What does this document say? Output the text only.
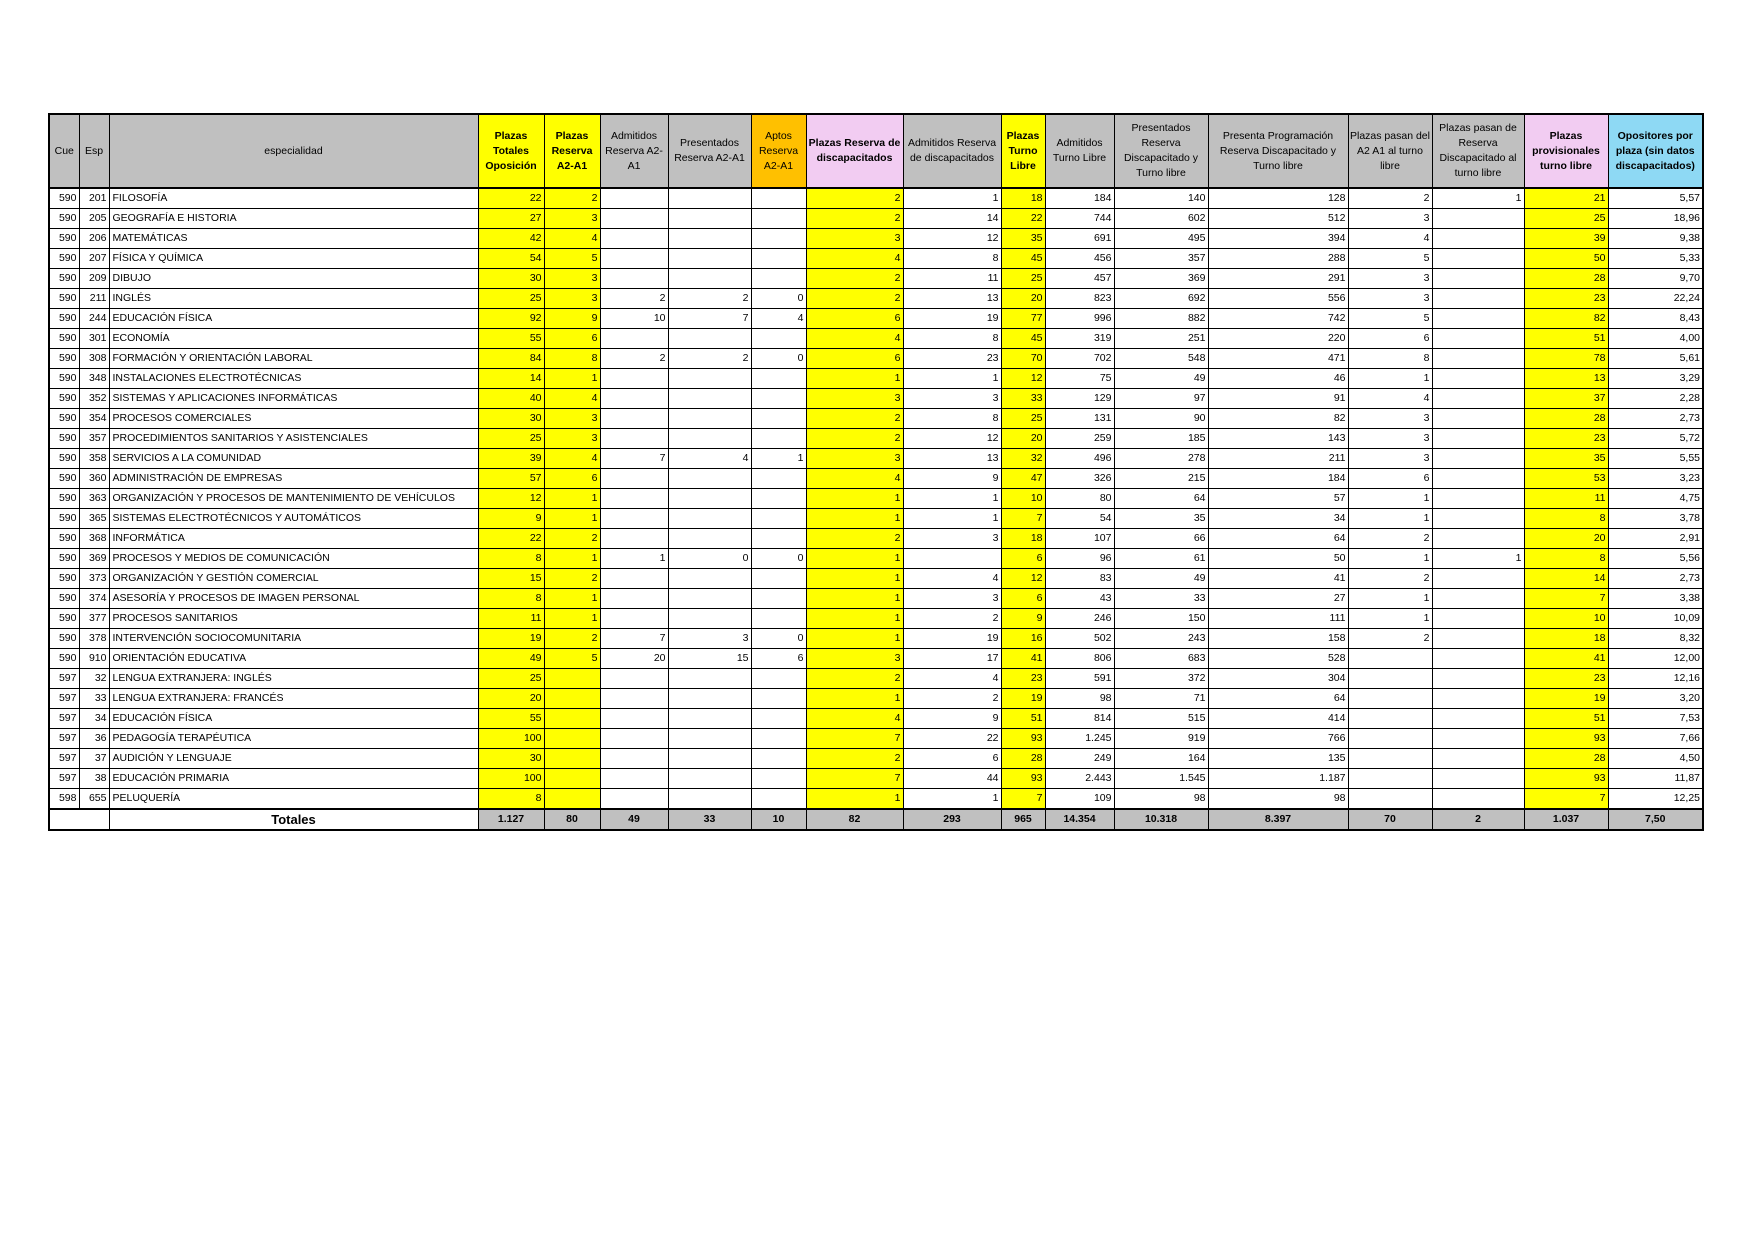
Cue	Esp	especialidad	Plazas Totales Oposición	Plazas Reserva A2-A1	Admitidos Reserva A2-A1	Presentados Reserva A2-A1	Aptos Reserva A2-A1	Plazas Reserva de discapacitados	Admitidos Reserva de discapacitados	Plazas Turno Libre	Admitidos Turno Libre	Presentados Reserva Discapacitado y Turno libre	Presenta Programación Reserva Discapacitado y Turno libre	Plazas pasan del A2 A1 al turno libre	Plazas pasan de Reserva Discapacitado al turno libre	Plazas provisionales turno libre	Opositores por plaza (sin datos discapacitados)
590	201	FILOSOFÍA	22	2				2	1	18	184	140	128	2	1	21	5,57
590	205	GEOGRAFÍA E HISTORIA	27	3				2	14	22	744	602	512	3		25	18,96
590	206	MATEMÁTICAS	42	4				3	12	35	691	495	394	4		39	9,38
590	207	FÍSICA Y QUÍMICA	54	5				4	8	45	456	357	288	5		50	5,33
590	209	DIBUJO	30	3				2	11	25	457	369	291	3		28	9,70
590	211	INGLÉS	25	3	2	2	0	2	13	20	823	692	556	3		23	22,24
590	244	EDUCACIÓN FÍSICA	92	9	10	7	4	6	19	77	996	882	742	5		82	8,43
590	301	ECONOMÍA	55	6				4	8	45	319	251	220	6		51	4,00
590	308	FORMACIÓN Y ORIENTACIÓN LABORAL	84	8	2	2	0	6	23	70	702	548	471	8		78	5,61
590	348	INSTALACIONES ELECTROTÉCNICAS	14	1				1	1	12	75	49	46	1		13	3,29
590	352	SISTEMAS Y APLICACIONES INFORMÁTICAS	40	4				3	3	33	129	97	91	4		37	2,28
590	354	PROCESOS COMERCIALES	30	3				2	8	25	131	90	82	3		28	2,73
590	357	PROCEDIMIENTOS SANITARIOS Y ASISTENCIALES	25	3				2	12	20	259	185	143	3		23	5,72
590	358	SERVICIOS A LA COMUNIDAD	39	4	7	4	1	3	13	32	496	278	211	3		35	5,55
590	360	ADMINISTRACIÓN DE EMPRESAS	57	6				4	9	47	326	215	184	6		53	3,23
590	363	ORGANIZACIÓN Y PROCESOS DE MANTENIMIENTO DE VEHÍCULOS	12	1				1	1	10	80	64	57	1		11	4,75
590	365	SISTEMAS ELECTROTÉCNICOS Y AUTOMÁTICOS	9	1				1	1	7	54	35	34	1		8	3,78
590	368	INFORMÁTICA	22	2				2	3	18	107	66	64	2		20	2,91
590	369	PROCESOS Y MEDIOS DE COMUNICACIÓN	8	1	1	0	0	1		6	96	61	50	1	1	8	5,56
590	373	ORGANIZACIÓN Y GESTIÓN COMERCIAL	15	2				1	4	12	83	49	41	2		14	2,73
590	374	ASESORÍA Y PROCESOS DE IMAGEN PERSONAL	8	1				1	3	6	43	33	27	1		7	3,38
590	377	PROCESOS SANITARIOS	11	1				1	2	9	246	150	111	1		10	10,09
590	378	INTERVENCIÓN SOCIOCOMUNITARIA	19	2	7	3	0	1	19	16	502	243	158	2		18	8,32
590	910	ORIENTACIÓN EDUCATIVA	49	5	20	15	6	3	17	41	806	683	528			41	12,00
597	32	LENGUA EXTRANJERA: INGLÉS	25					2	4	23	591	372	304			23	12,16
597	33	LENGUA EXTRANJERA: FRANCÉS	20					1	2	19	98	71	64			19	3,20
597	34	EDUCACIÓN FÍSICA	55					4	9	51	814	515	414			51	7,53
597	36	PEDAGOGÍA TERAPÉUTICA	100					7	22	93	1.245	919	766			93	7,66
597	37	AUDICIÓN Y LENGUAJE	30					2	6	28	249	164	135			28	4,50
597	38	EDUCACIÓN PRIMARIA	100					7	44	93	2.443	1.545	1.187			93	11,87
598	655	PELUQUERÍA	8					1	1	7	109	98	98			7	12,25
		Totales	1.127	80	49	33	10	82	293	965	14.354	10.318	8.397	70	2	1.037	7,50
